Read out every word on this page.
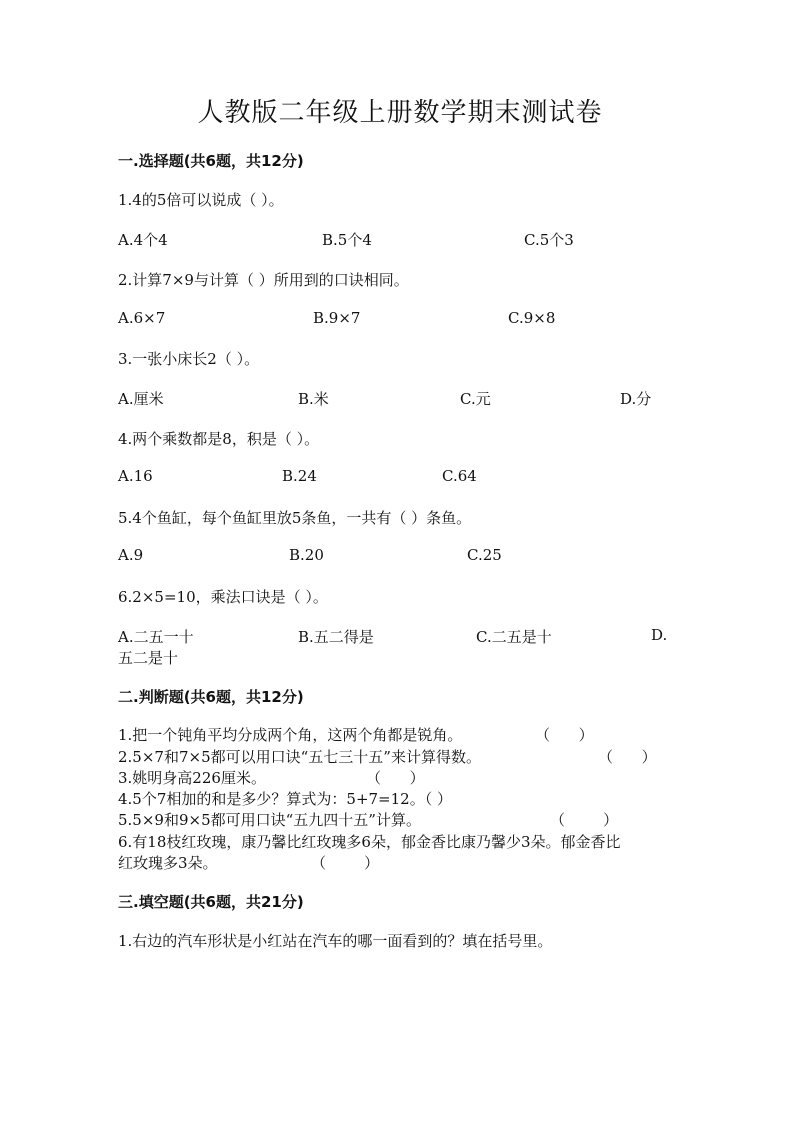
人教版二年级上册数学期末测试卷
一.选择题(共6题，共12分)
1.4的5倍可以说成（ ）。
A.4个4	B.5个4	C.5个3
2.计算7×9与计算（ ）所用到的口诀相同。
A.6×7	B.9×7	C.9×8
3.一张小床长2（ ）。
A.厘米	B.米	C.元	D.分
4.两个乘数都是8，积是（ ）。
A.16	B.24	C.64
5.4个鱼缸，每个鱼缸里放5条鱼，一共有（ ）条鱼。
A.9	B.20	C.25
6.2×5=10，乘法口诀是（ ）。
A.二五一十	B.五二得是	C.二五是十	D.
五二是十
二.判断题(共6题，共12分)
1.把一个钝角平均分成两个角，这两个角都是锐角。	（      ）
2.5×7和7×5都可以用口诀“五七三十五”来计算得数。	（      ）
3.姚明身高226厘米。	（      ）
4.5个7相加的和是多少？算式为：5+7=12。（ ）
5.5×9和9×5都可用口诀“五九四十五”计算。	（        ）
6.有18枝红玫瑰，康乃馨比红玫瑰多6朵，郁金香比康乃馨少3朵。郁金香比
红玫瑰多3朵。	（        ）
三.填空题(共6题，共21分)
1.右边的汽车形状是小红站在汽车的哪一面看到的？填在括号里。
